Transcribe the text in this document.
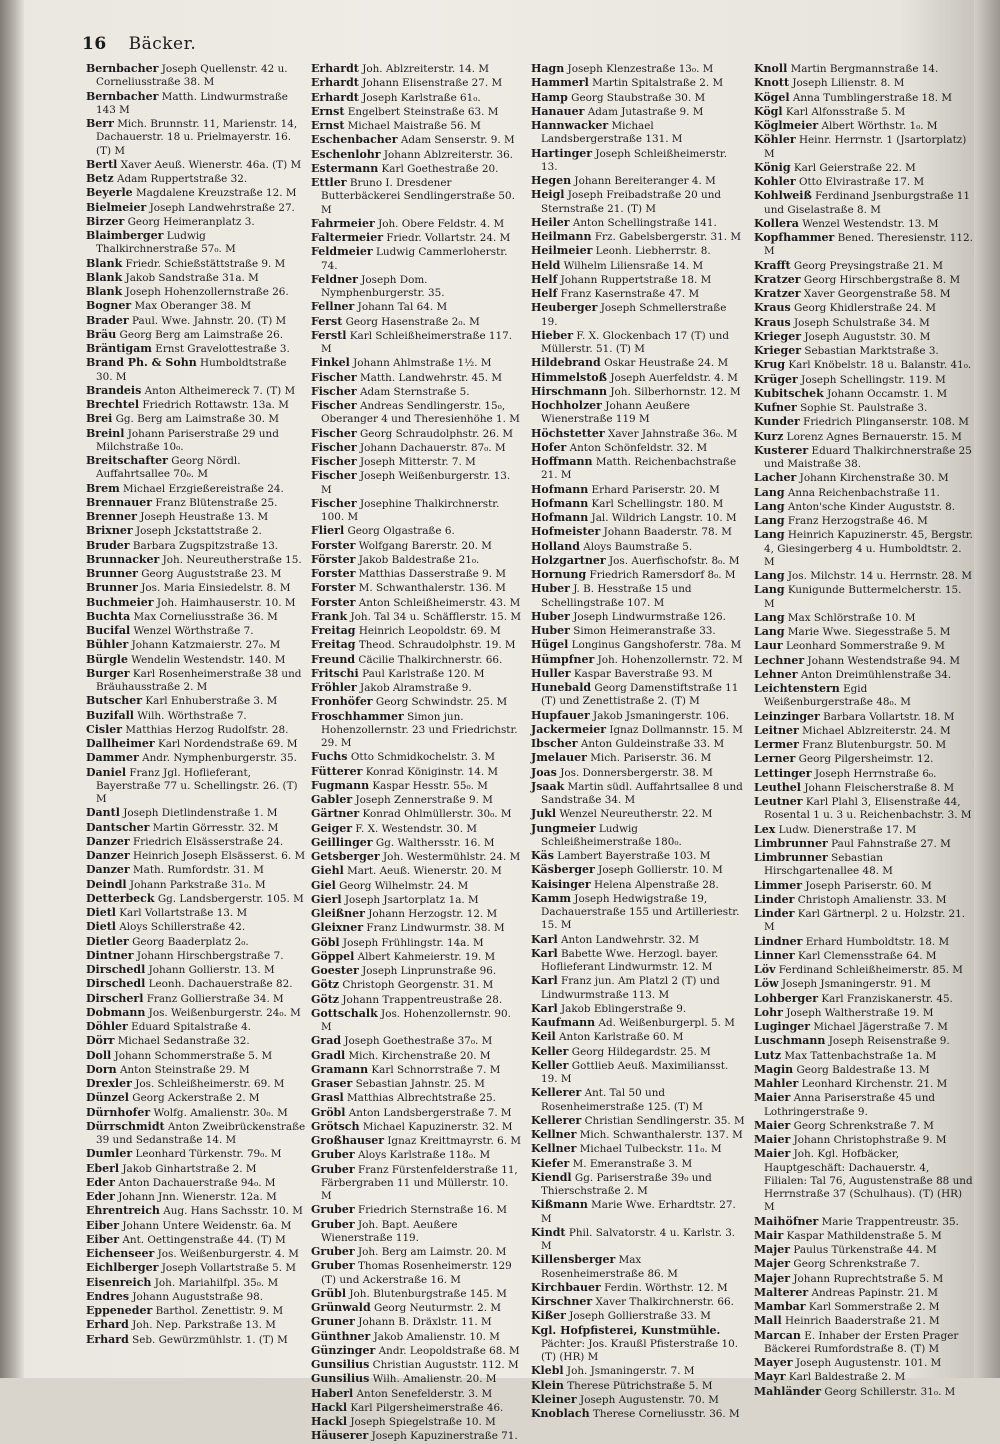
16 Bäcker.
Bernbacher Joseph Quellenstr. 42 u. Corneliusstraße 38. M
Bernbacher Matth. Lindwurmstraße 143 M
Berr Mich. Brunnstr. 11, Marienstr. 14, Dachauerstr. 18 u. Prielmayerstr. 16. (T) M
Bertl Xaver Aeuß. Wienerstr. 46a. (T) M
Betz Adam Ruppertstraße 32.
Beyerle Magdalene Kreuzstraße 12. M
Bielmeier Joseph Landwehrstraße 27.
Birzer Georg Heimeranplatz 3.
Blaimberger Ludwig Thalkirchnerstraße 57₀. M
Blank Friedr. Schießstättstraße 9. M
Blank Jakob Sandstraße 31a. M
Blank Joseph Hohenzollernstraße 26.
Bogner Max Oberanger 38. M
Brader Paul. Wwe. Jahnstr. 20. (T) M
Bräu Georg Berg am Laimstraße 26.
Bräntigam Ernst Gravelottestraße 3.
Brand Ph. & Sohn Humboldtstraße 30. M
Brandeis Anton Altheimereck 7. (T) M
Brechtel Friedrich Rottawstr. 13a. M
Brei Gg. Berg am Laimstraße 30. M
Breinl Johann Pariserstraße 29 und Milchstraße 10₀.
Breitschafter Georg Nördl. Auffahrtsallee 70₀. M
Brem Michael Erzgießereistraße 24.
Brennauer Franz Blütenstraße 25.
Brenner Joseph Heustraße 13. M
Brixner Joseph Jckstattstraße 2.
Bruder Barbara Zugspitzstraße 13.
Brunnacker Joh. Neureutherstraße 15.
Brunner Georg Auguststraße 23. M
Brunner Jos. Maria Einsiedelstr. 8. M
Buchmeier Joh. Haimhauserstr. 10. M
Buchta Max Corneliusstraße 36. M
Bucifal Wenzel Wörthstraße 7.
Bühler Johann Katzmaierstr. 27₀. M
Bürgle Wendelin Westendstr. 140. M
Burger Karl Rosenheimerstraße 38 und Bräuhausstraße 2. M
Butscher Karl Enhuberstraße 3. M
Buzifall Wilh. Wörthstraße 7.
Cisler Matthias Herzog Rudolfstr. 28.
Dallheimer Karl Nordendstraße 69. M
Dammer Andr. Nymphenburgerstr. 35.
Daniel Franz Jgl. Hoflieferant, Bayerstraße 77 u. Schellingstr. 26. (T) M
Dantl Joseph Dietlindenstraße 1. M
Dantscher Martin Görresstr. 32. M
Danzer Friedrich Elsässerstraße 24.
Danzer Heinrich Joseph Elsässerst. 6. M
Danzer Math. Rumfordstr. 31. M
Deindl Johann Parkstraße 31₀. M
Detterbeck Gg. Landsbergerstr. 105. M
Dietl Karl Vollartstraße 13. M
Dietl Aloys Schillerstraße 42.
Dietler Georg Baaderplatz 2₀.
Dintner Johann Hirschbergstraße 7.
Dirschedl Johann Gollierstr. 13. M
Dirschedl Leonh. Dachauerstraße 82.
Dirscherl Franz Gollierstraße 34. M
Dobmann Jos. Weißenburgerstr. 24₀. M
Döhler Eduard Spitalstraße 4.
Dörr Michael Sedanstraße 32.
Doll Johann Schommerstraße 5. M
Dorn Anton Steinstraße 29. M
Drexler Jos. Schleißheimerstr. 69. M
Dünzel Georg Ackerstraße 2. M
Dürnhofer Wolfg. Amalienstr. 30₀. M
Dürrschmidt Anton Zweibrückenstraße 39 und Sedanstraße 14. M
Dumler Leonhard Türkenstr. 79₀. M
Eberl Jakob Ginhartstraße 2. M
Eder Anton Dachauerstraße 94₀. M
Eder Johann Jnn. Wienerstr. 12a. M
Ehrentreich Aug. Hans Sachsstr. 10. M
Eiber Johann Untere Weidenstr. 6a. M
Eiber Ant. Oettingenstraße 44. (T) M
Eichenseer Jos. Weißenburgerstr. 4. M
Eichlberger Joseph Vollartstraße 5. M
Eisenreich Joh. Mariahilfpl. 35₀. M
Endres Johann Auguststraße 98.
Eppeneder Barthol. Zenettistr. 9. M
Erhard Joh. Nep. Parkstraße 13. M
Erhard Seb. Gewürzmühlstr. 1. (T) M
Erhardt Joh. Ablzreiterstr. 14. M
Erhardt Johann Elisenstraße 27. M
Erhardt Joseph Karlstraße 61₀.
Ernst Engelbert Steinstraße 63. M
Ernst Michael Maistraße 56. M
Eschenbacher Adam Senserstr. 9. M
Eschenlohr Johann Ablzreiterstr. 36.
Estermann Karl Goethestraße 20.
Ettler Bruno I. Dresdener Butterbäckerei Sendlingerstraße 50. M
Fahrmeier Joh. Obere Feldstr. 4. M
Faltermeier Friedr. Vollartstr. 24. M
Feldmeier Ludwig Cammerloherstr. 74.
Feldner Joseph Dom. Nymphenburgerstr. 35.
Fellner Johann Tal 64. M
Ferst Georg Hasenstraße 2₀. M
Ferstl Karl Schleißheimerstraße 117. M
Finkel Johann Ahlmstraße 1½. M
Fischer Matth. Landwehrstr. 45. M
Fischer Adam Sternstraße 5.
Fischer Andreas Sendlingerstr. 15₀, Oberanger 4 und Theresienhöhe 1. M
Fischer Georg Schraudolphstr. 26. M
Fischer Johann Dachauerstr. 87₀. M
Fischer Joseph Mitterstr. 7. M
Fischer Joseph Weißenburgerstr. 13. M
Fischer Josephine Thalkirchnerstr. 100. M
Flierl Georg Olgastraße 6.
Forster Wolfgang Barerstr. 20. M
Förster Jakob Baldestraße 21₀.
Forster Matthias Dasserstraße 9. M
Forster M. Schwanthalerstr. 136. M
Forster Anton Schleißheimerstr. 43. M
Frank Joh. Tal 34 u. Schäfflerstr. 15. M
Freitag Heinrich Leopoldstr. 69. M
Freitag Theod. Schraudolphstr. 19. M
Freund Cäcilie Thalkirchnerstr. 66.
Fritschi Paul Karlstraße 120. M
Fröhler Jakob Alramstraße 9.
Fronhöfer Georg Schwindstr. 25. M
Froschhammer Simon jun. Hohenzollernstr. 23 und Friedrichstr. 29. M
Fuchs Otto Schmidkochelstr. 3. M
Fütterer Konrad Königinstr. 14. M
Fugmann Kaspar Hesstr. 55₀. M
Gabler Joseph Zennerstraße 9. M
Gärtner Konrad Ohlmüllerstr. 30₀. M
Geiger F. X. Westendstr. 30. M
Geillinger Gg. Walthersstr. 16. M
Getsberger Joh. Westermühlstr. 24. M
Giehl Mart. Aeuß. Wienerstr. 20. M
Giel Georg Wilhelmstr. 24. M
Gierl Joseph Jsartorplatz 1a. M
Gleißner Johann Herzogstr. 12. M
Gleixner Franz Lindwurmstr. 38. M
Göbl Joseph Frühlingstr. 14a. M
Göppel Albert Kahmeierstr. 19. M
Goester Joseph Linprunstraße 96.
Götz Christoph Georgenstr. 31. M
Götz Johann Trappentreustraße 28.
Gottschalk Jos. Hohenzollernstr. 90. M
Grad Joseph Goethestraße 37₀. M
Gradl Mich. Kirchenstraße 20. M
Gramann Karl Schnorrstraße 7. M
Graser Sebastian Jahnstr. 25. M
Grasl Matthias Albrechtstraße 25.
Gröbl Anton Landsbergerstraße 7. M
Grötsch Michael Kapuzinerstr. 32. M
Großhauser Ignaz Kreittmayrstr. 6. M
Gruber Aloys Karlstraße 118₀. M
Gruber Franz Fürstenfelderstraße 11, Färbergraben 11 und Müllerstr. 10. M
Gruber Friedrich Sternstraße 16. M
Gruber Joh. Bapt. Aeußere Wienerstraße 119.
Gruber Joh. Berg am Laimstr. 20. M
Gruber Thomas Rosenheimerstr. 129 (T) und Ackerstraße 16. M
Grübl Joh. Blutenburgstraße 145. M
Grünwald Georg Neuturmstr. 2. M
Gruner Johann B. Dräxlstr. 11. M
Günthner Jakob Amalienstr. 10. M
Günzinger Andr. Leopoldstraße 68. M
Gunsilius Christian Auguststr. 112. M
Gunsilius Wilh. Amalienstr. 20. M
Haberl Anton Senefelderstr. 3. M
Hackl Karl Pilgersheimerstraße 46.
Hackl Joseph Spiegelstraße 10. M
Häuserer Joseph Kapuzinerstraße 71.
Hagn Joseph Klenzestraße 13₀. M
Hammerl Martin Spitalstraße 2. M
Hamp Georg Staubstraße 30. M
Hanauer Adam Jutastraße 9. M
Hannwacker Michael Landsbergerstraße 131. M
Hartinger Joseph Schleißheimerstr. 13.
Hegen Johann Bereiteranger 4. M
Heigl Joseph Freibadstraße 20 und Sternstraße 21. (T) M
Heiler Anton Schellingstraße 141.
Heilmann Frz. Gabelsbergerstr. 31. M
Heilmeier Leonh. Liebherrstr. 8.
Held Wilhelm Liliensraße 14. M
Helf Johann Ruppertstraße 18. M
Helf Franz Kasernstraße 47. M
Heuberger Joseph Schmellerstraße 19.
Hieber F. X. Glockenbach 17 (T) und Müllerstr. 51. (T) M
Hildebrand Oskar Heustraße 24. M
Himmelstoß Joseph Auerfeldstr. 4. M
Hirschmann Joh. Silberhornstr. 12. M
Hochholzer Johann Aeußere Wienerstraße 119 M
Höchstetter Xaver Jahnstraße 36₀. M
Hofer Anton Schönfeldstr. 32. M
Hoffmann Matth. Reichenbachstraße 21. M
Hofmann Erhard Pariserstr. 20. M
Hofmann Karl Schellingstr. 180. M
Hofmann Jal. Wildrich Langstr. 10. M
Hofmeister Johann Baaderstr. 78. M
Holland Aloys Baumstraße 5.
Holzgartner Jos. Auerfischofstr. 8₀. M
Hornung Friedrich Ramersdorf 8₀. M
Huber J. B. Hesstraße 15 und Schellingstraße 107. M
Huber Joseph Lindwurmstraße 126.
Huber Simon Heimeranstraße 33.
Hügel Longinus Gangshoferstr. 78a. M
Hümpfner Joh. Hohenzollernstr. 72. M
Huller Kaspar Baverstraße 93. M
Hunebald Georg Damenstiftstraße 11 (T) und Zenettistraße 2. (T) M
Hupfauer Jakob Jsmaningerstr. 106.
Jackermeier Ignaz Dollmannstr. 15. M
Ibscher Anton Guldeinstraße 33. M
Jmelauer Mich. Pariserstr. 36. M
Joas Jos. Donnersbergerstr. 38. M
Jsaak Martin südl. Auffahrtsallee 8 und Sandstraße 34. M
Jukl Wenzel Neureutherstr. 22. M
Jungmeier Ludwig Schleißheimerstraße 180₀.
Käs Lambert Bayerstraße 103. M
Käsberger Joseph Gollierstr. 10. M
Kaisinger Helena Alpenstraße 28.
Kamm Joseph Hedwigstraße 19, Dachauerstraße 155 und Artilleriestr. 15. M
Karl Anton Landwehrstr. 32. M
Karl Babette Wwe. Herzogl. bayer. Hoflieferant Lindwurmstr. 12. M
Karl Franz jun. Am Platzl 2 (T) und Lindwurmstraße 113. M
Karl Jakob Eblingerstraße 9.
Kaufmann Ad. Weißenburgerpl. 5. M
Keil Anton Karlstraße 60. M
Keller Georg Hildegardstr. 25. M
Keller Gottlieb Aeuß. Maximiliansst. 19. M
Kellerer Ant. Tal 50 und Rosenheimerstraße 125. (T) M
Kellerer Christian Sendlingerstr. 35. M
Kellner Mich. Schwanthalerstr. 137. M
Kellner Michael Tulbeckstr. 11₀. M
Kiefer M. Emeranstraße 3. M
Kiendl Gg. Pariserstraße 39₀ und Thierschstraße 2. M
Kißmann Marie Wwe. Erhardtstr. 27. M
Kindt Phil. Salvatorstr. 4 u. Karlstr. 3. M
Killensberger Max Rosenheimerstraße 86. M
Kirchbauer Ferdin. Wörthstr. 12. M
Kirschner Xaver Thalkirchnerstr. 66.
Kißer Joseph Gollierstraße 33. M
Kgl. Hofpfisterei, Kunstmühle. Pächter: Jos. Kraußl Pfisterstraße 10. (T) (HR) M
Klebl Joh. Jsmaningerstr. 7. M
Klein Therese Pütrichstraße 5. M
Kleiner Joseph Augustenstr. 70. M
Knoblach Therese Corneliusstr. 36. M
Knoll Martin Bergmannstraße 14.
Knott Joseph Lilienstr. 8. M
Kögel Anna Tumblingerstraße 18. M
Kögl Karl Alfonsstraße 5. M
Köglmeier Albert Wörthstr. 1₀. M
Köhler Heinr. Herrnstr. 1 (Jsartorplatz) M
König Karl Geierstraße 22. M
Kohler Otto Elvirastraße 17. M
Kohlweiß Ferdinand Jsenburgstraße 11 und Giselastraße 8. M
Kollera Wenzel Westendstr. 13. M
Kopfhammer Bened. Theresienstr. 112. M
Krafft Georg Preysingstraße 21. M
Kratzer Georg Hirschbergstraße 8. M
Kratzer Xaver Georgenstraße 58. M
Kraus Georg Khidlerstraße 24. M
Kraus Joseph Schulstraße 34. M
Krieger Joseph Auguststr. 30. M
Krieger Sebastian Marktstraße 3.
Krug Karl Knöbelstr. 18 u. Balanstr. 41₀.
Krüger Joseph Schellingstr. 119. M
Kubitschek Johann Occamstr. 1. M
Kufner Sophie St. Paulstraße 3.
Kunder Friedrich Plinganserstr. 108. M
Kurz Lorenz Agnes Bernauerstr. 15. M
Kusterer Eduard Thalkirchnerstraße 25 und Maistraße 38.
Lacher Johann Kirchenstraße 30. M
Lang Anna Reichenbachstraße 11.
Lang Anton'sche Kinder Auguststr. 8.
Lang Franz Herzogstraße 46. M
Lang Heinrich Kapuzinerstr. 45, Bergstr. 4, Giesingerberg 4 u. Humboldtstr. 2. M
Lang Jos. Milchstr. 14 u. Herrnstr. 28. M
Lang Kunigunde Buttermelcherstr. 15. M
Lang Max Schlörstraße 10. M
Lang Marie Wwe. Siegesstraße 5. M
Laur Leonhard Sommerstraße 9. M
Lechner Johann Westendstraße 94. M
Lehner Anton Dreimühlenstraße 34.
Leichtenstern Egid Weißenburgerstraße 48₀. M
Leinzinger Barbara Vollartstr. 18. M
Leitner Michael Ablzreiterstr. 24. M
Lermer Franz Blutenburgstr. 50. M
Lerner Georg Pilgersheimstr. 12.
Lettinger Joseph Herrnstraße 6₀.
Leuthel Johann Fleischerstraße 8. M
Leutner Karl Plahl 3, Elisenstraße 44, Rosental 1 u. 3 u. Reichenbachstr. 3. M
Lex Ludw. Dienerstraße 17. M
Limbrunner Paul Fahnstraße 27. M
Limbrunner Sebastian Hirschgartenallee 48. M
Limmer Joseph Pariserstr. 60. M
Linder Christoph Amalienstr. 33. M
Linder Karl Gärtnerpl. 2 u. Holzstr. 21. M
Lindner Erhard Humboldtstr. 18. M
Linner Karl Clemensstraße 64. M
Löv Ferdinand Schleißheimerstr. 85. M
Löw Joseph Jsmaningerstr. 91. M
Lohberger Karl Franziskanerstr. 45.
Lohr Joseph Waltherstraße 19. M
Luginger Michael Jägerstraße 7. M
Luschmann Joseph Reisenstraße 9.
Lutz Max Tattenbachstraße 1a. M
Magin Georg Baldestraße 13. M
Mahler Leonhard Kirchenstr. 21. M
Maier Anna Pariserstraße 45 und Lothringerstraße 9.
Maier Georg Schrenkstraße 7. M
Maier Johann Christophstraße 9. M
Maier Joh. Kgl. Hofbäcker, Hauptgeschäft: Dachauerstr. 4, Filialen: Tal 76, Augustenstraße 88 und Herrnstraße 37 (Schulhaus). (T) (HR) M
Maihöfner Marie Trappentreustr. 35.
Mair Kaspar Mathildenstraße 5. M
Majer Paulus Türkenstraße 44. M
Majer Georg Schrenkstraße 7.
Majer Johann Ruprechtstraße 5. M
Malterer Andreas Papinstr. 21. M
Mambar Karl Sommerstraße 2. M
Mall Heinrich Baaderstraße 21. M
Marcan E. Inhaber der Ersten Prager Bäckerei Rumfordstraße 8. (T) M
Mayer Joseph Augustenstr. 101. M
Mayr Karl Baldestraße 2. M
Mahländer Georg Schillerstr. 31₀. M
